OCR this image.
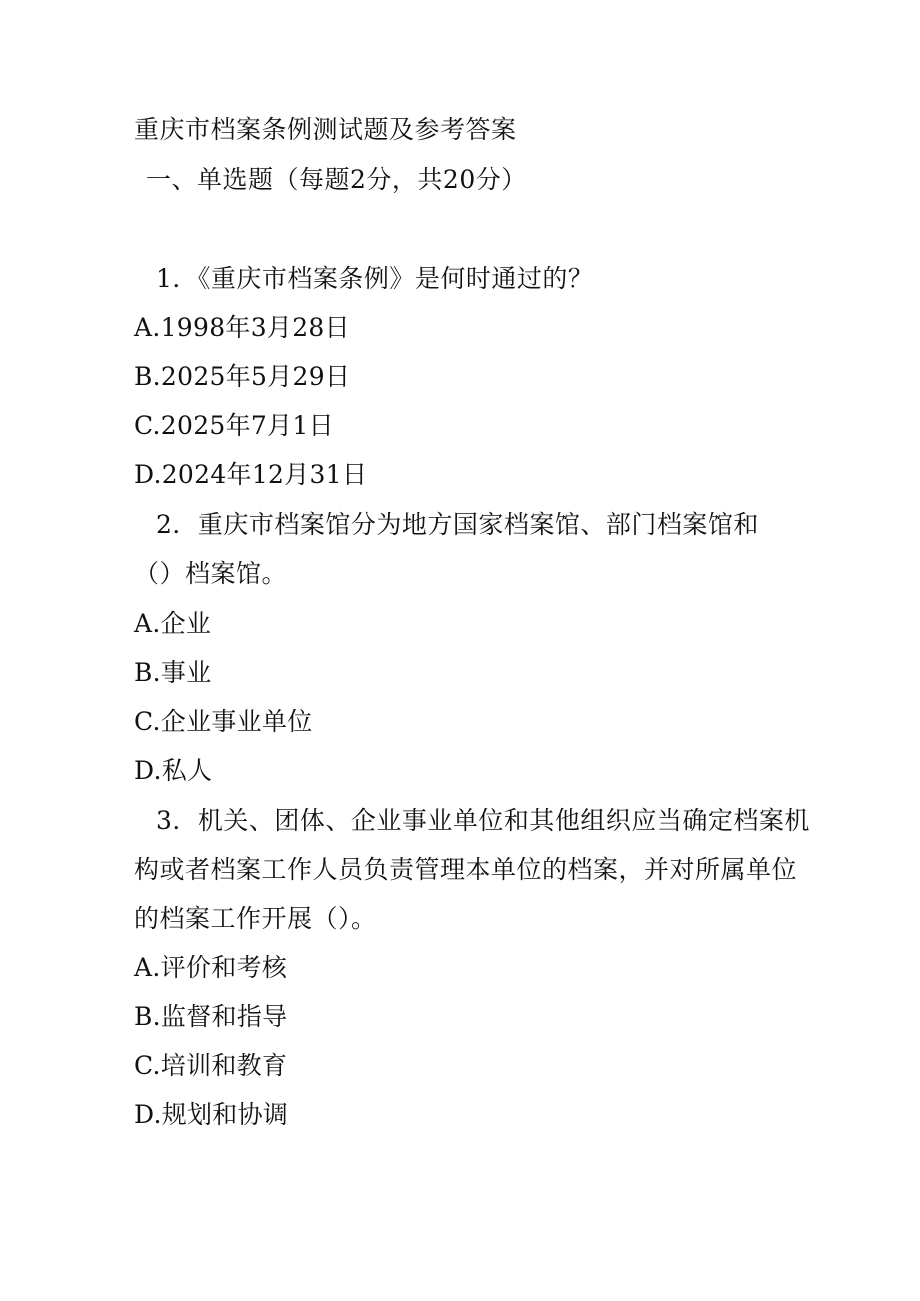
重庆市档案条例测试题及参考答案
一、单选题（每题2分，共20分）
1．《重庆市档案条例》是何时通过的？
A.1998年3月28日
B.2025年5月29日
C.2025年7月1日
D.2024年12月31日
2．重庆市档案馆分为地方国家档案馆、部门档案馆和
（）档案馆。
A.企业
B.事业
C.企业事业单位
D.私人
3．机关、团体、企业事业单位和其他组织应当确定档案机
构或者档案工作人员负责管理本单位的档案，并对所属单位
的档案工作开展（）。
A.评价和考核
B.监督和指导
C.培训和教育
D.规划和协调
